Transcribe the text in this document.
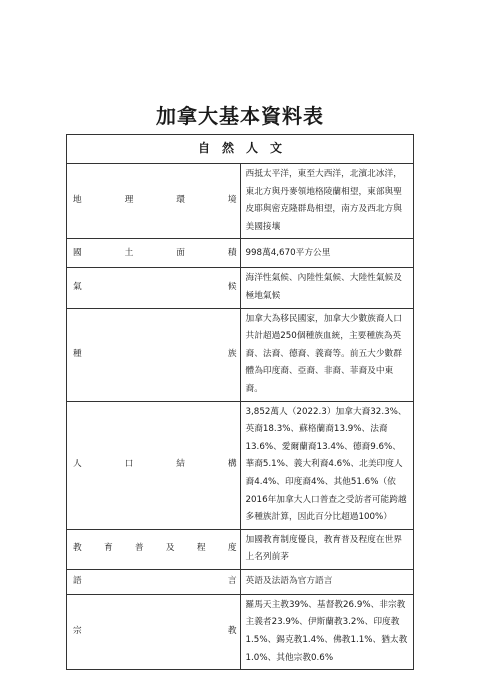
加拿大基本資料表
自　然　人　文	
地理環境	西抵太平洋，東至大西洋，北濱北冰洋，東北方與丹麥領地格陵蘭相望，東部與聖皮耶與密克隆群島相望，南方及西北方與美國接壤
國土面積	998萬4,670平方公里
氣候	海洋性氣候、內陸性氣候、大陸性氣候及極地氣候
種族	加拿大為移民國家，加拿大少數族裔人口共計超過250個種族血統，主要種族為英裔、法裔、德裔、義裔等。前五大少數群體為印度裔、亞裔、非裔、菲裔及中東裔。
人口結構	3,852萬人（2022.3）加拿大裔32.3%、英裔18.3%、蘇格蘭裔13.9%、法裔13.6%、愛爾蘭裔13.4%、德裔9.6%、華裔5.1%、義大利裔4.6%、北美印度人裔4.4%、印度裔4%、其他51.6%（依2016年加拿大人口普查之受訪者可能跨越多種族計算，因此百分比超過100%）
教育普及程度	加國教育制度優良，教育普及程度在世界上名列前茅
語言	英語及法語為官方語言
宗教	羅馬天主教39%、基督教26.9%、非宗教主義者23.9%、伊斯蘭教3.2%、印度教1.5%、錫克教1.4%、佛教1.1%、猶太教1.0%、其他宗教0.6%
